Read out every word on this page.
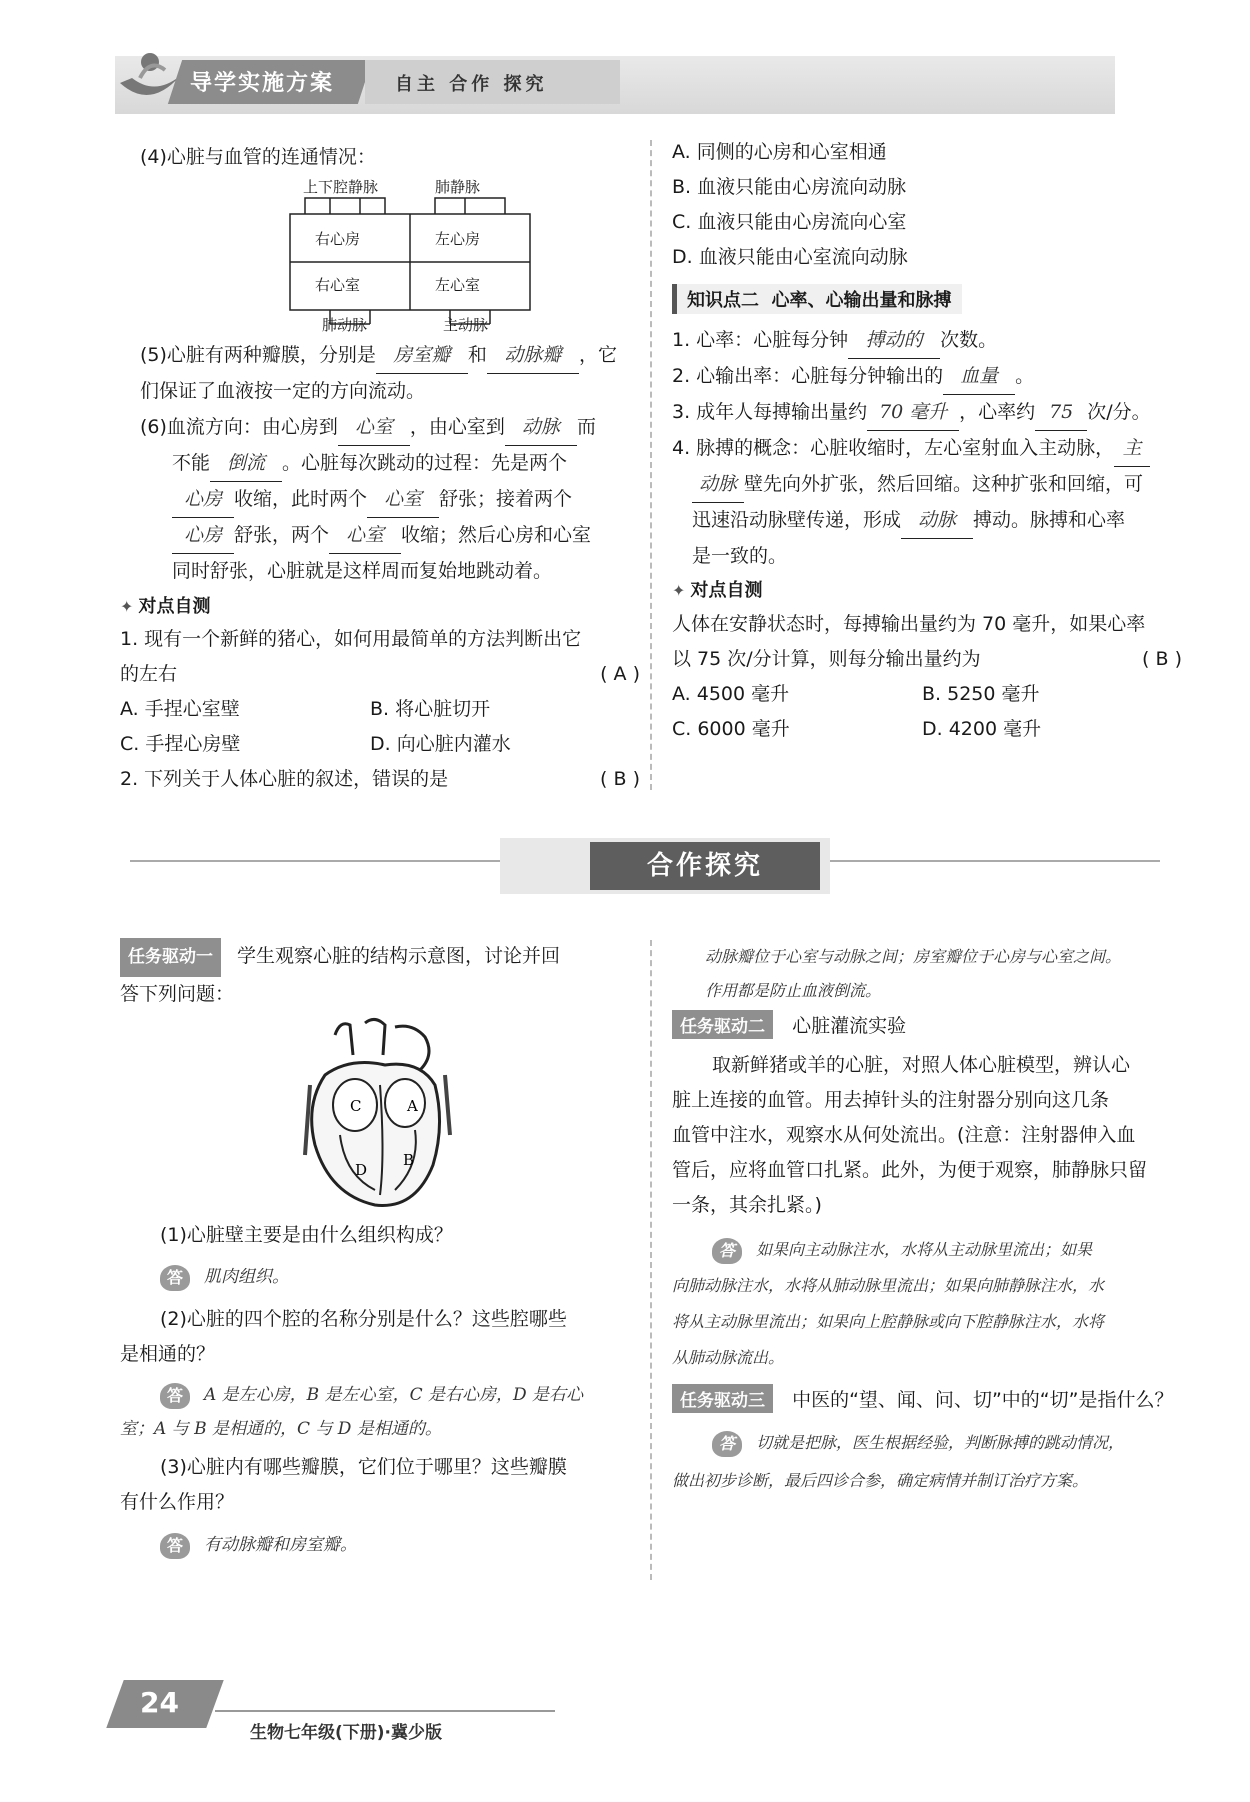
导学实施方案	自主 合作 探究
(4)心脏与血管的连通情况：
上下腔静脉	肺静脉
右心房	左心房
右心室	左心室
肺动脉	主动脉
(5)心脏有两种瓣膜，分别是 房室瓣 和 动脉瓣 ，它
们保证了血液按一定的方向流动。
(6)血流方向：由心房到 心室 ，由心室到 动脉 而
不能 倒流 。心脏每次跳动的过程：先是两个
心房 收缩，此时两个 心室 舒张；接着两个
心房 舒张，两个 心室 收缩；然后心房和心室
同时舒张，心脏就是这样周而复始地跳动着。
✦ 对点自测
1. 现有一个新鲜的猪心，如何用最简单的方法判断出它
的左右	( A )
A. 手捏心室壁	B. 将心脏切开
C. 手捏心房壁	D. 向心脏内灌水
2. 下列关于人体心脏的叙述，错误的是	( B )
A. 同侧的心房和心室相通
B. 血液只能由心房流向动脉
C. 血液只能由心房流向心室
D. 血液只能由心室流向动脉
知识点二 心率、心输出量和脉搏
1. 心率：心脏每分钟 搏动的 次数。
2. 心输出率：心脏每分钟输出的 血量 。
3. 成年人每搏输出量约 70 毫升 ，心率约 75 次/分。
4. 脉搏的概念：心脏收缩时，左心室射血入主动脉， 主
动脉 壁先向外扩张，然后回缩。这种扩张和回缩，可
迅速沿动脉壁传递，形成 动脉 搏动。脉搏和心率
是一致的。
✦ 对点自测
人体在安静状态时，每搏输出量约为 70 毫升，如果心率
以 75 次/分计算，则每分输出量约为	( B )
A. 4500 毫升	B. 5250 毫升
C. 6000 毫升	D. 4200 毫升
合作探究
任务驱动一 学生观察心脏的结构示意图，讨论并回
答下列问题：
A
B
C
D
(1)心脏壁主要是由什么组织构成？
答 肌肉组织。
(2)心脏的四个腔的名称分别是什么？这些腔哪些
是相通的？
答 A 是左心房，B 是左心室，C 是右心房，D 是右心
室；A 与 B 是相通的，C 与 D 是相通的。
(3)心脏内有哪些瓣膜，它们位于哪里？这些瓣膜
有什么作用？
答 有动脉瓣和房室瓣。
动脉瓣位于心室与动脉之间；房室瓣位于心房与心室之间。
作用都是防止血液倒流。
任务驱动二 心脏灌流实验
取新鲜猪或羊的心脏，对照人体心脏模型，辨认心
脏上连接的血管。用去掉针头的注射器分别向这几条
血管中注水，观察水从何处流出。(注意：注射器伸入血
管后，应将血管口扎紧。此外，为便于观察，肺静脉只留
一条，其余扎紧。)
答 如果向主动脉注水，水将从主动脉里流出；如果
向肺动脉注水，水将从肺动脉里流出；如果向肺静脉注水，水
将从主动脉里流出；如果向上腔静脉或向下腔静脉注水，水将
从肺动脉流出。
任务驱动三 中医的“望、闻、问、切”中的“切”是指什么？
答 切就是把脉，医生根据经验，判断脉搏的跳动情况，
做出初步诊断，最后四诊合参，确定病情并制订治疗方案。
24
生物七年级(下册)·冀少版
